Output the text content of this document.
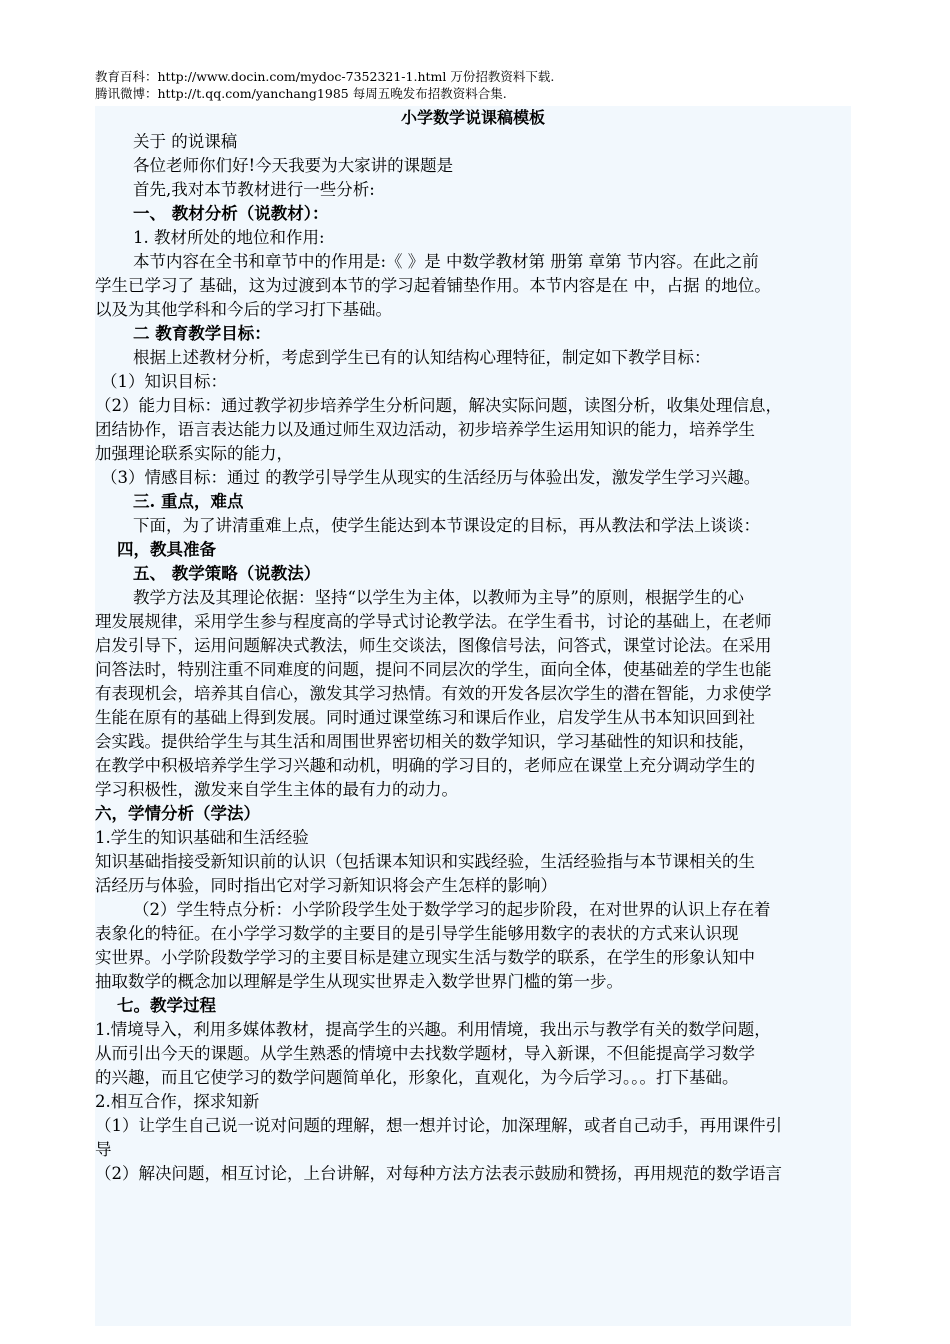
教育百科：http://www.docin.com/mydoc-7352321-1.html 万份招教资料下载.
腾讯微博：http://t.qq.com/yanchang1985 每周五晚发布招教资料合集.
小学数学说课稿模板
关于 的说课稿
各位老师你们好!今天我要为大家讲的课题是
首先,我对本节教材进行一些分析:
一、 教材分析（说教材）：
1. 教材所处的地位和作用:
本节内容在全书和章节中的作用是:《 》是 中数学教材第 册第 章第 节内容。在此之前
学生已学习了 基础，这为过渡到本节的学习起着铺垫作用。本节内容是在 中，占据 的地位。
以及为其他学科和今后的学习打下基础。
二 教育教学目标：
根据上述教材分析，考虑到学生已有的认知结构心理特征，制定如下教学目标：
（1）知识目标：
（2）能力目标：通过教学初步培养学生分析问题，解决实际问题，读图分析，收集处理信息，
团结协作，语言表达能力以及通过师生双边活动，初步培养学生运用知识的能力，培养学生
加强理论联系实际的能力，
（3）情感目标：通过 的教学引导学生从现实的生活经历与体验出发，激发学生学习兴趣。
三. 重点，难点
下面，为了讲清重难上点，使学生能达到本节课设定的目标，再从教法和学法上谈谈：
四，教具准备
五、 教学策略（说教法）
教学方法及其理论依据：坚持“以学生为主体，以教师为主导”的原则，根据学生的心
理发展规律，采用学生参与程度高的学导式讨论教学法。在学生看书，讨论的基础上，在老师
启发引导下，运用问题解决式教法，师生交谈法，图像信号法，问答式，课堂讨论法。在采用
问答法时，特别注重不同难度的问题，提问不同层次的学生，面向全体，使基础差的学生也能
有表现机会，培养其自信心，激发其学习热情。有效的开发各层次学生的潜在智能，力求使学
生能在原有的基础上得到发展。同时通过课堂练习和课后作业，启发学生从书本知识回到社
会实践。提供给学生与其生活和周围世界密切相关的数学知识，学习基础性的知识和技能，
在教学中积极培养学生学习兴趣和动机，明确的学习目的，老师应在课堂上充分调动学生的
学习积极性，激发来自学生主体的最有力的动力。
六，学情分析（学法）
1.学生的知识基础和生活经验
知识基础指接受新知识前的认识（包括课本知识和实践经验，生活经验指与本节课相关的生
活经历与体验，同时指出它对学习新知识将会产生怎样的影响）
（2）学生特点分析：小学阶段学生处于数学学习的起步阶段，在对世界的认识上存在着
表象化的特征。在小学学习数学的主要目的是引导学生能够用数字的表状的方式来认识现
实世界。小学阶段数学学习的主要目标是建立现实生活与数学的联系，在学生的形象认知中
抽取数学的概念加以理解是学生从现实世界走入数学世界门槛的第一步。
七。教学过程
1.情境导入，利用多媒体教材，提高学生的兴趣。利用情境，我出示与教学有关的数学问题，
从而引出今天的课题。从学生熟悉的情境中去找数学题材，导入新课，不但能提高学习数学
的兴趣，而且它使学习的数学问题简单化，形象化，直观化，为今后学习。。。打下基础。
2.相互合作，探求知新
（1）让学生自己说一说对问题的理解，想一想并讨论，加深理解，或者自己动手，再用课件引
导
（2）解决问题，相互讨论，上台讲解，对每种方法方法表示鼓励和赞扬，再用规范的数学语言
